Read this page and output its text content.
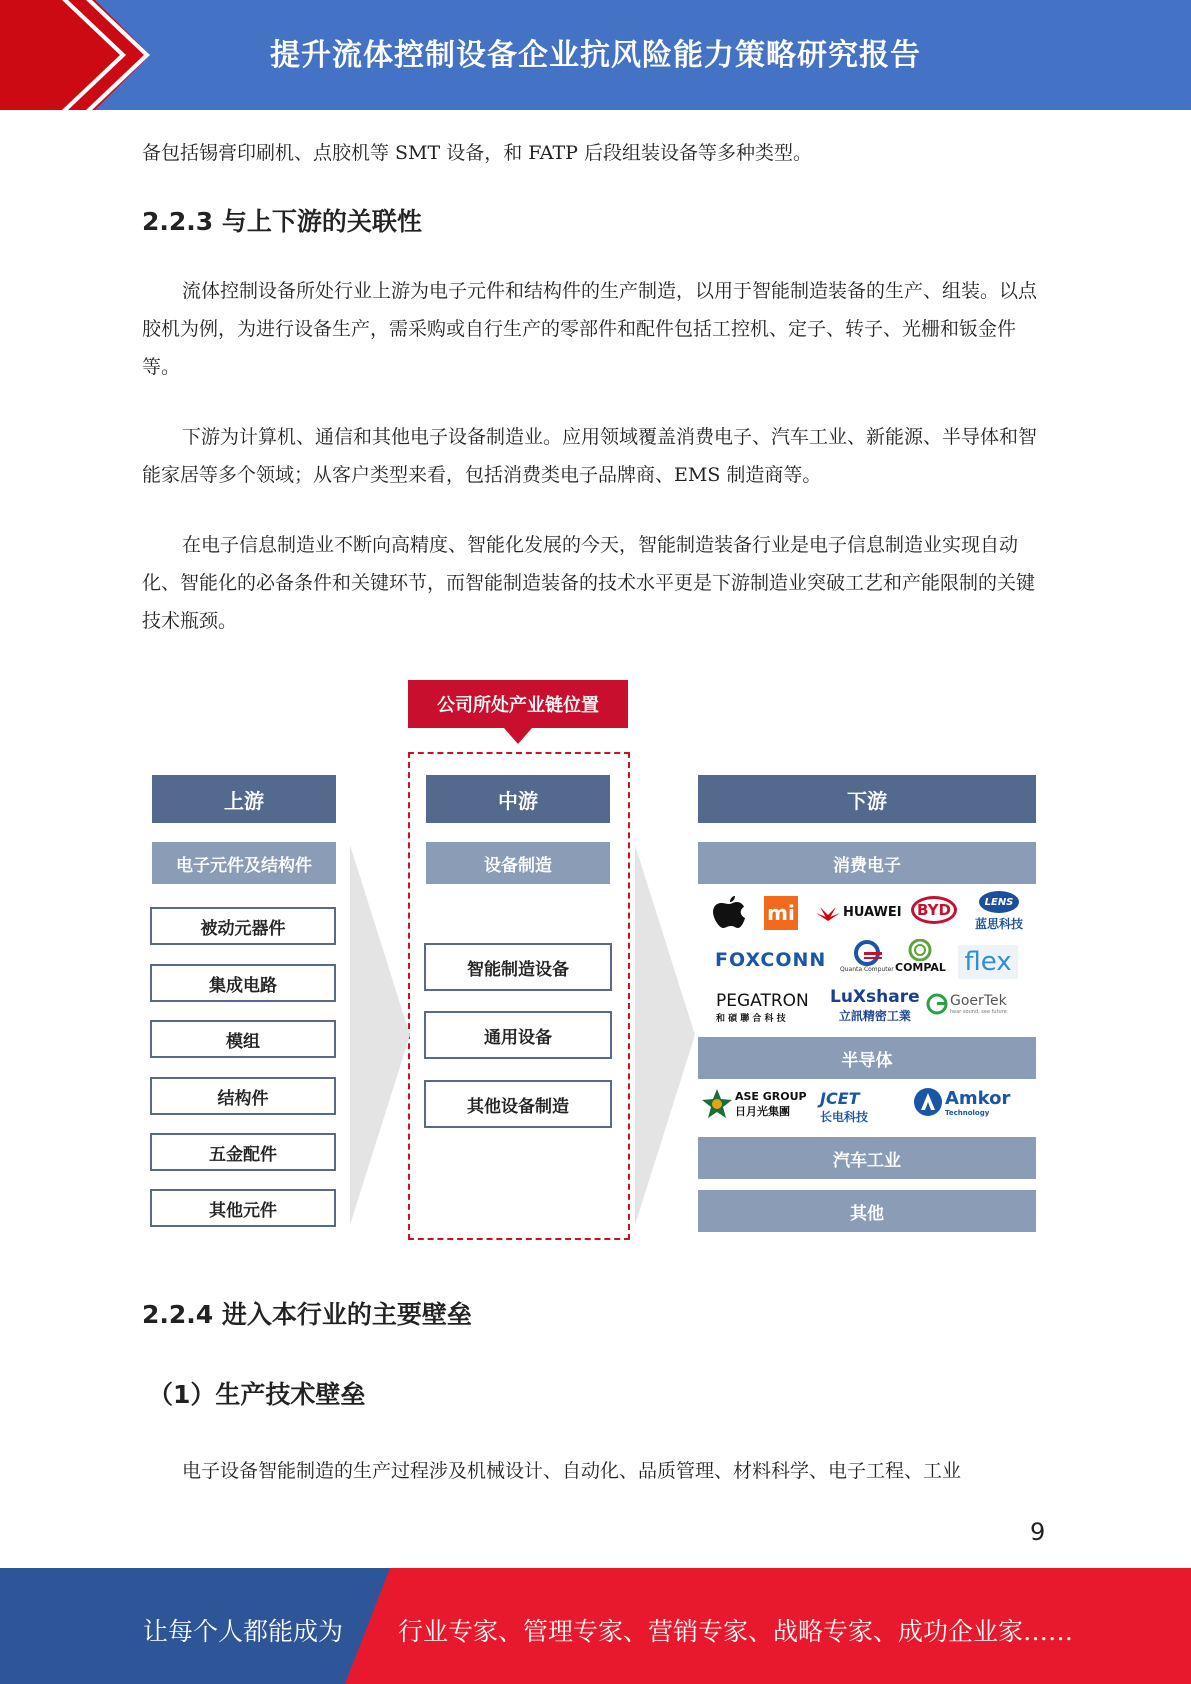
提升流体控制设备企业抗风险能力策略研究报告
备包括锡膏印刷机、点胶机等 SMT 设备，和 FATP 后段组装设备等多种类型。
2.2.3 与上下游的关联性
流体控制设备所处行业上游为电子元件和结构件的生产制造，以用于智能制造装备的生产、组装。以点胶机为例，为进行设备生产，需采购或自行生产的零部件和配件包括工控机、定子、转子、光栅和钣金件等。
下游为计算机、通信和其他电子设备制造业。应用领域覆盖消费电子、汽车工业、新能源、半导体和智能家居等多个领域；从客户类型来看，包括消费类电子品牌商、EMS 制造商等。
在电子信息制造业不断向高精度、智能化发展的今天，智能制造装备行业是电子信息制造业实现自动化、智能化的必备条件和关键环节，而智能制造装备的技术水平更是下游制造业突破工艺和产能限制的关键技术瓶颈。
公司所处产业链位置
上游
电子元件及结构件
被动元器件
集成电路
模组
结构件
五金配件
其他元件
中游
设备制造
智能制造设备
通用设备
其他设备制造
下游
消费电子
mi	HUAWEI	BYD	LENS
蓝思科技
FOXCONN Quanta Computer COMPAL flex
PEGATRON
和 碩 聯 合 科 技
LuXshare
立訊精密工業
GoerTek
hear sound, see future
半导体
ASE GROUP
日月光集團
JCET
长电科技
Amkor
Technology
汽车工业
其他
2.2.4 进入本行业的主要壁垒
（1）生产技术壁垒
电子设备智能制造的生产过程涉及机械设计、自动化、品质管理、材料科学、电子工程、工业
9
让每个人都能成为 行业专家、管理专家、营销专家、战略专家、成功企业家……
